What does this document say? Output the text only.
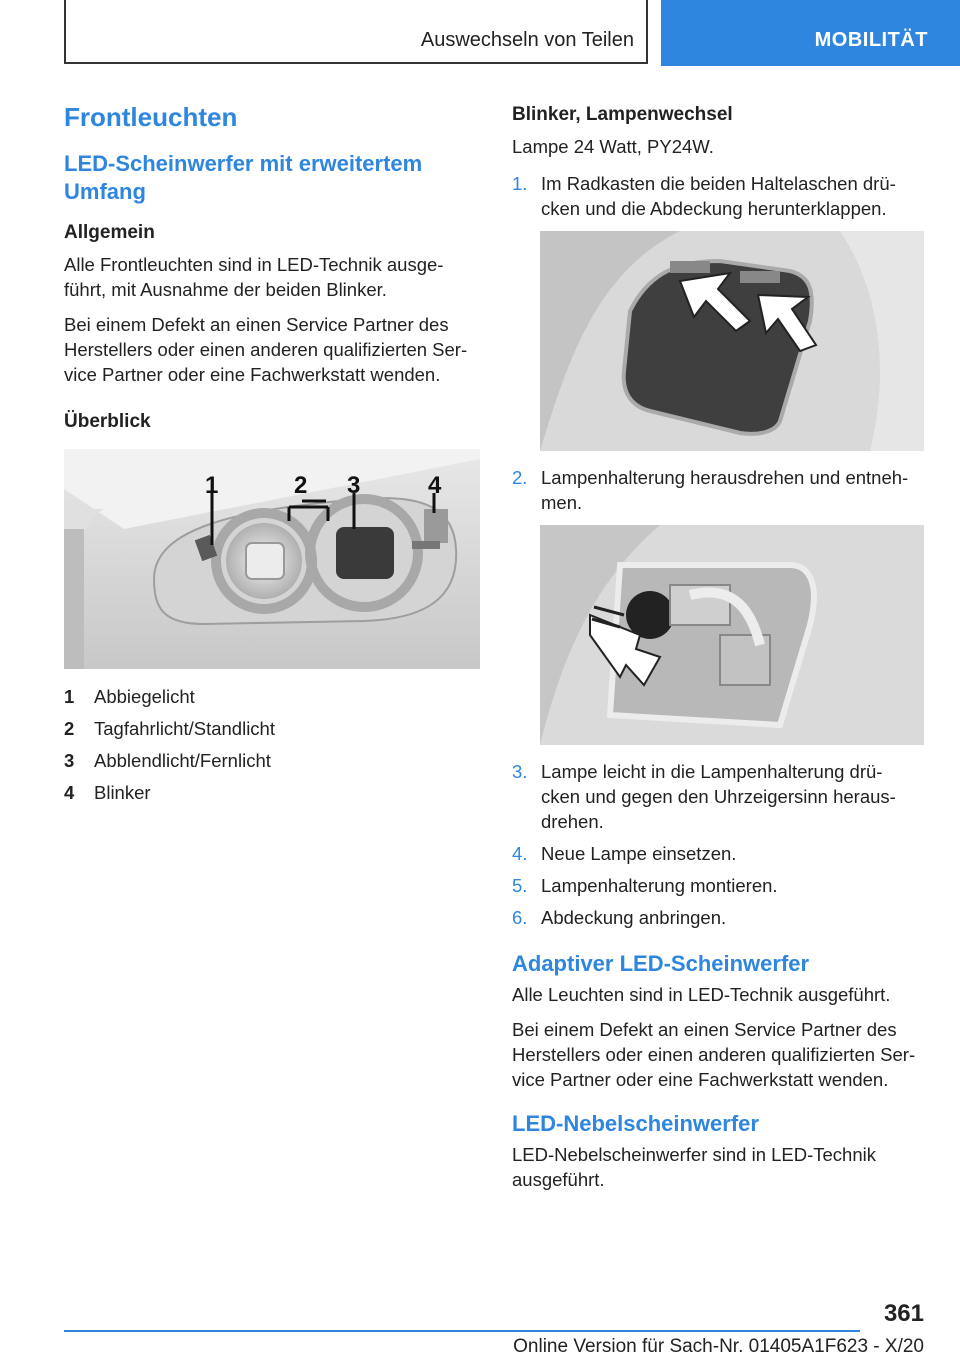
Auswechseln von Teilen	MOBILITÄT
Frontleuchten
LED-Scheinwerfer mit erweitertem Umfang
Allgemein
Alle Frontleuchten sind in LED-Technik ausge‐ führt, mit Ausnahme der beiden Blinker.
Bei einem Defekt an einen Service Partner des Herstellers oder einen anderen qualifizierten Ser‐ vice Partner oder eine Fachwerkstatt wenden.
Überblick
1	2 3	4
1	Abbiegelicht
2	Tagfahrlicht/Standlicht
3	Abblendlicht/Fernlicht
4	Blinker
Blinker, Lampenwechsel
Lampe 24 Watt, PY24W.
1. Im Radkasten die beiden Haltelaschen drü‐ cken und die Abdeckung herunterklappen.
2. Lampenhalterung herausdrehen und entneh‐ men.
3. Lampe leicht in die Lampenhalterung drü‐ cken und gegen den Uhrzeigersinn heraus‐ drehen.
4. Neue Lampe einsetzen.
5. Lampenhalterung montieren.
6. Abdeckung anbringen.
Adaptiver LED-Scheinwerfer
Alle Leuchten sind in LED-Technik ausgeführt.
Bei einem Defekt an einen Service Partner des Herstellers oder einen anderen qualifizierten Ser‐ vice Partner oder eine Fachwerkstatt wenden.
LED-Nebelscheinwerfer
LED-Nebelscheinwerfer sind in LED-Technik ausgeführt.
361
Online Version für Sach-Nr. 01405A1F623 - X/20
